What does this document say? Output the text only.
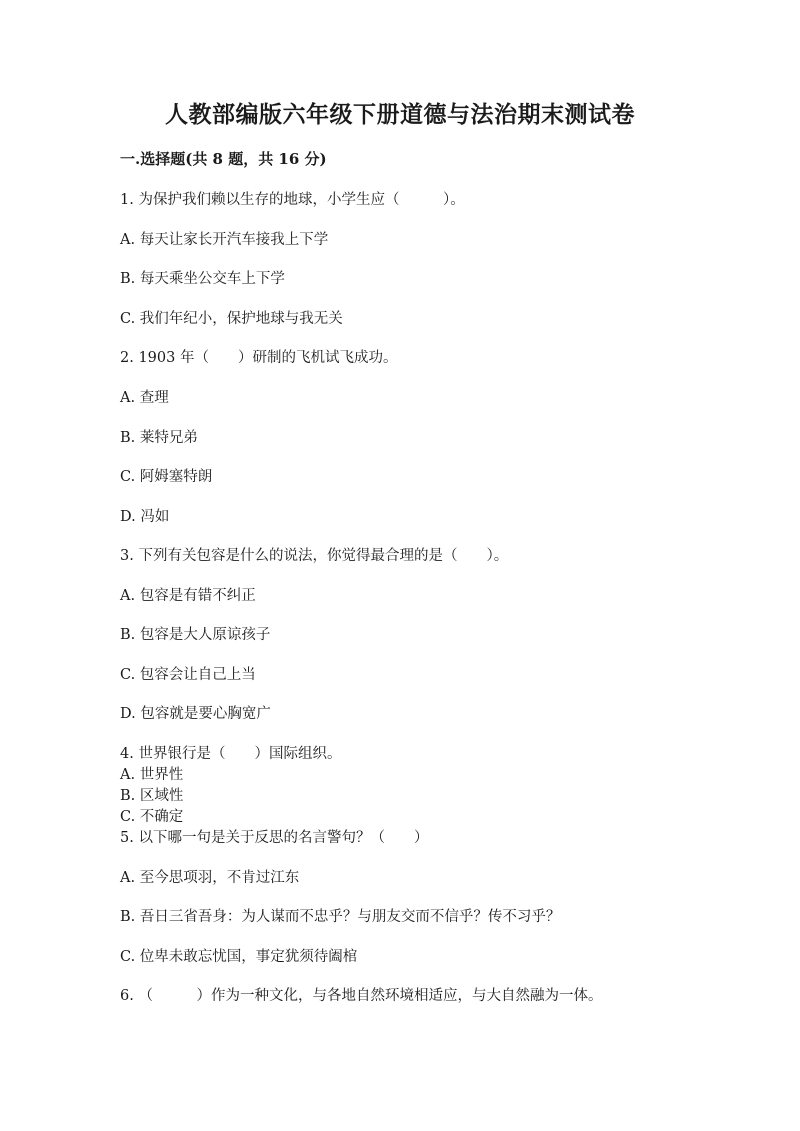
人教部编版六年级下册道德与法治期末测试卷
一.选择题(共 8 题，共 16 分)
1. 为保护我们赖以生存的地球，小学生应（　　　）。
A. 每天让家长开汽车接我上下学
B. 每天乘坐公交车上下学
C. 我们年纪小，保护地球与我无关
2. 1903 年（　　）研制的飞机试飞成功。
A. 查理
B. 莱特兄弟
C. 阿姆塞特朗
D. 冯如
3. 下列有关包容是什么的说法，你觉得最合理的是（　　）。
A. 包容是有错不纠正
B. 包容是大人原谅孩子
C. 包容会让自己上当
D. 包容就是要心胸宽广
4. 世界银行是（　　）国际组织。
A. 世界性
B. 区域性
C. 不确定
5. 以下哪一句是关于反思的名言警句？（　　）
A. 至今思项羽，不肯过江东
B. 吾日三省吾身：为人谋而不忠乎？与朋友交而不信乎？传不习乎？
C. 位卑未敢忘忧国，事定犹须待阖棺
6. （　　　）作为一种文化，与各地自然环境相适应，与大自然融为一体。
